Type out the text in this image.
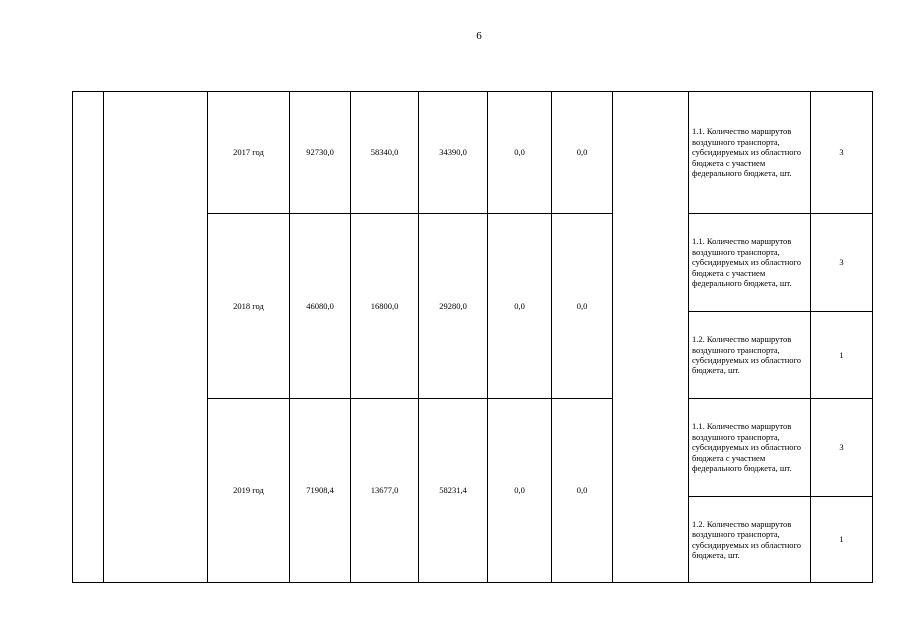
6
		2017 год	92730,0	58340,0	34390,0	0,0	0,0		1.1. Количество маршрутов воздушного транспорта, субсидируемых из областного бюджета с участием федерального бюджета, шт.	3
		2018 год	46080,0	16800,0	29280,0	0,0	0,0		1.1. Количество маршрутов воздушного транспорта, субсидируемых из областного бюджета с участием федерального бюджета, шт.	3
									1.2. Количество маршрутов воздушного транспорта, субсидируемых из областного бюджета, шт.	1
		2019 год	71908,4	13677,0	58231,4	0,0	0,0		1.1. Количество маршрутов воздушного транспорта, субсидируемых из областного бюджета с участием федерального бюджета, шт.	3
									1.2. Количество маршрутов воздушного транспорта, субсидируемых из областного бюджета, шт.	1
